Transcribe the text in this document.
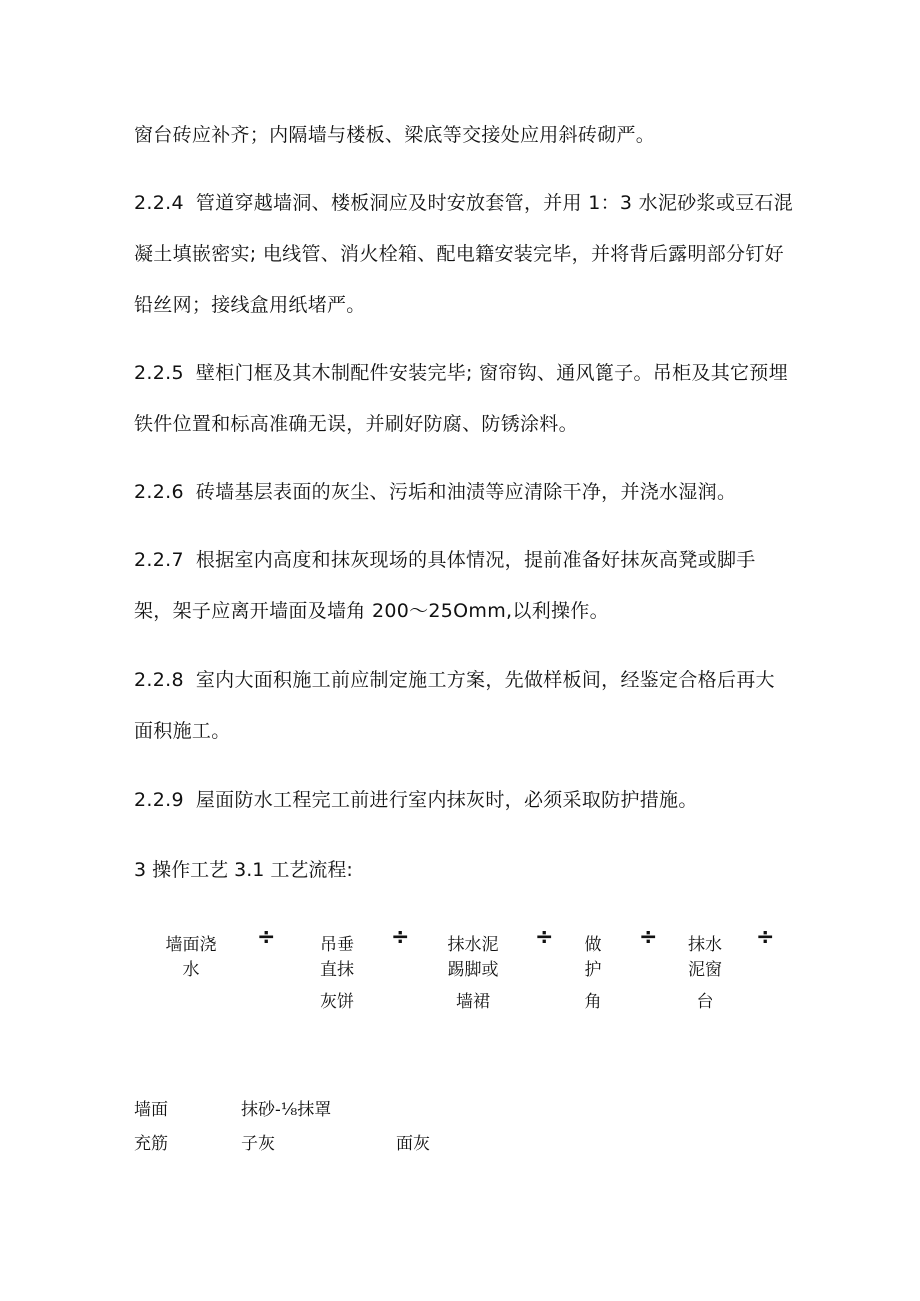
窗台砖应补齐；内隔墙与楼板、梁底等交接处应用斜砖砌严。
2.2.4 管道穿越墙洞、楼板洞应及时安放套管，并用 1：3 水泥砂浆或豆石混凝土填嵌密实; 电线管、消火栓箱、配电籍安装完毕，并将背后露明部分钉好铅丝网；接线盒用纸堵严。
2.2.5 壁柜门框及其木制配件安装完毕; 窗帘钩、通风篦子。吊柜及其它预埋铁件位置和标高准确无误，并刷好防腐、防锈涂料。
2.2.6 砖墙基层表面的灰尘、污垢和油渍等应清除干净，并浇水湿润。
2.2.7 根据室内高度和抹灰现场的具体情况，提前准备好抹灰高凳或脚手架，架子应离开墙面及墙角 200～25Omm,以利操作。
2.2.8 室内大面积施工前应制定施工方案，先做样板间，经鉴定合格后再大面积施工。
2.2.9 屋面防水工程完工前进行室内抹灰时，必须采取防护措施。
3 操作工艺 3.1 工艺流程:
墙面浇
水
÷	吊垂
直抹
灰饼
÷	抹水泥
踢脚或
墙裙
÷ 做
护
角
÷ 抹水
泥窗
台
÷
墙面
充筋
抹砂-⅛抹罩
子灰	面灰
